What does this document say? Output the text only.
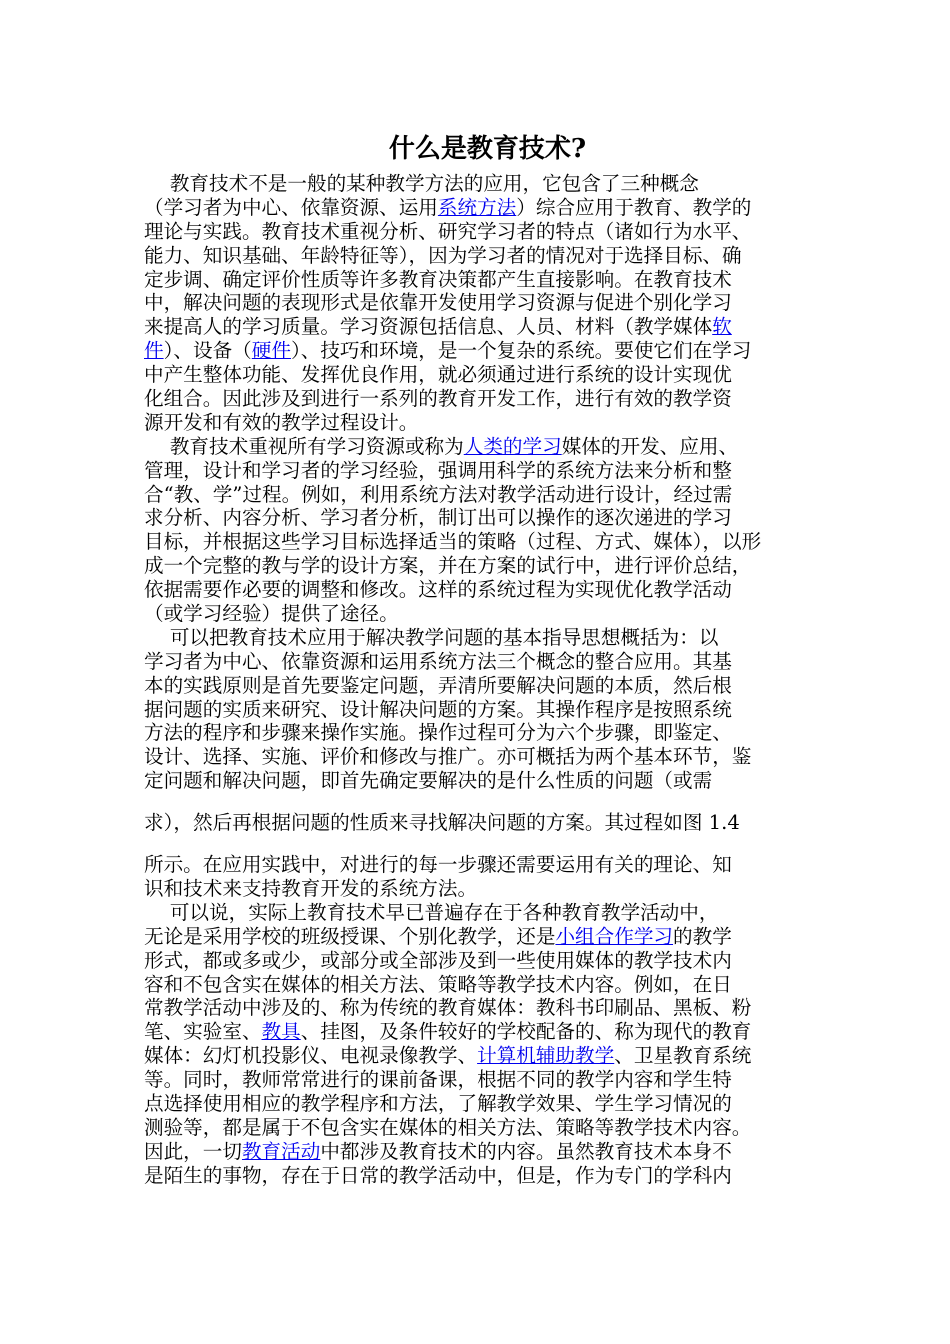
什么是教育技术?
　 教育技术不是一般的某种教学方法的应用，它包含了三种概念
（学习者为中心、依靠资源、运用系统方法）综合应用于教育、教学的
理论与实践。教育技术重视分析、研究学习者的特点（诸如行为水平、
能力、知识基础、年龄特征等），因为学习者的情况对于选择目标、确
定步调、确定评价性质等许多教育决策都产生直接影响。在教育技术
中，解决问题的表现形式是依靠开发使用学习资源与促进个别化学习
来提高人的学习质量。学习资源包括信息、人员、材料（教学媒体软
件）、设备（硬件）、技巧和环境，是一个复杂的系统。要使它们在学习
中产生整体功能、发挥优良作用，就必须通过进行系统的设计实现优
化组合。因此涉及到进行一系列的教育开发工作，进行有效的教学资
源开发和有效的教学过程设计。
　 教育技术重视所有学习资源或称为人类的学习媒体的开发、应用、
管理，设计和学习者的学习经验，强调用科学的系统方法来分析和整
合“教、学”过程。例如，利用系统方法对教学活动进行设计，经过需
求分析、内容分析、学习者分析，制订出可以操作的逐次递进的学习
目标，并根据这些学习目标选择适当的策略（过程、方式、媒体），以形
成一个完整的教与学的设计方案，并在方案的试行中，进行评价总结，
依据需要作必要的调整和修改。这样的系统过程为实现优化教学活动
（或学习经验）提供了途径。
　 可以把教育技术应用于解决教学问题的基本指导思想概括为：以
学习者为中心、依靠资源和运用系统方法三个概念的整合应用。其基
本的实践原则是首先要鉴定问题，弄清所要解决问题的本质，然后根
据问题的实质来研究、设计解决问题的方案。其操作程序是按照系统
方法的程序和步骤来操作实施。操作过程可分为六个步骤，即鉴定、
设计、选择、实施、评价和修改与推广。亦可概括为两个基本环节，鉴
定问题和解决问题，即首先确定要解决的是什么性质的问题（或需
求），然后再根据问题的性质来寻找解决问题的方案。其过程如图 1.4
所示。在应用实践中，对进行的每一步骤还需要运用有关的理论、知
识和技术来支持教育开发的系统方法。
　 可以说，实际上教育技术早已普遍存在于各种教育教学活动中，
无论是采用学校的班级授课、个别化教学，还是小组合作学习的教学
形式，都或多或少，或部分或全部涉及到一些使用媒体的教学技术内
容和不包含实在媒体的相关方法、策略等教学技术内容。例如，在日
常教学活动中涉及的、称为传统的教育媒体：教科书印刷品、黑板、粉
笔、实验室、教具、挂图，及条件较好的学校配备的、称为现代的教育
媒体：幻灯机投影仪、电视录像教学、计算机辅助教学、卫星教育系统
等。同时，教师常常进行的课前备课，根据不同的教学内容和学生特
点选择使用相应的教学程序和方法，了解教学效果、学生学习情况的
测验等，都是属于不包含实在媒体的相关方法、策略等教学技术内容。
因此，一切教育活动中都涉及教育技术的内容。虽然教育技术本身不
是陌生的事物，存在于日常的教学活动中，但是，作为专门的学科内
